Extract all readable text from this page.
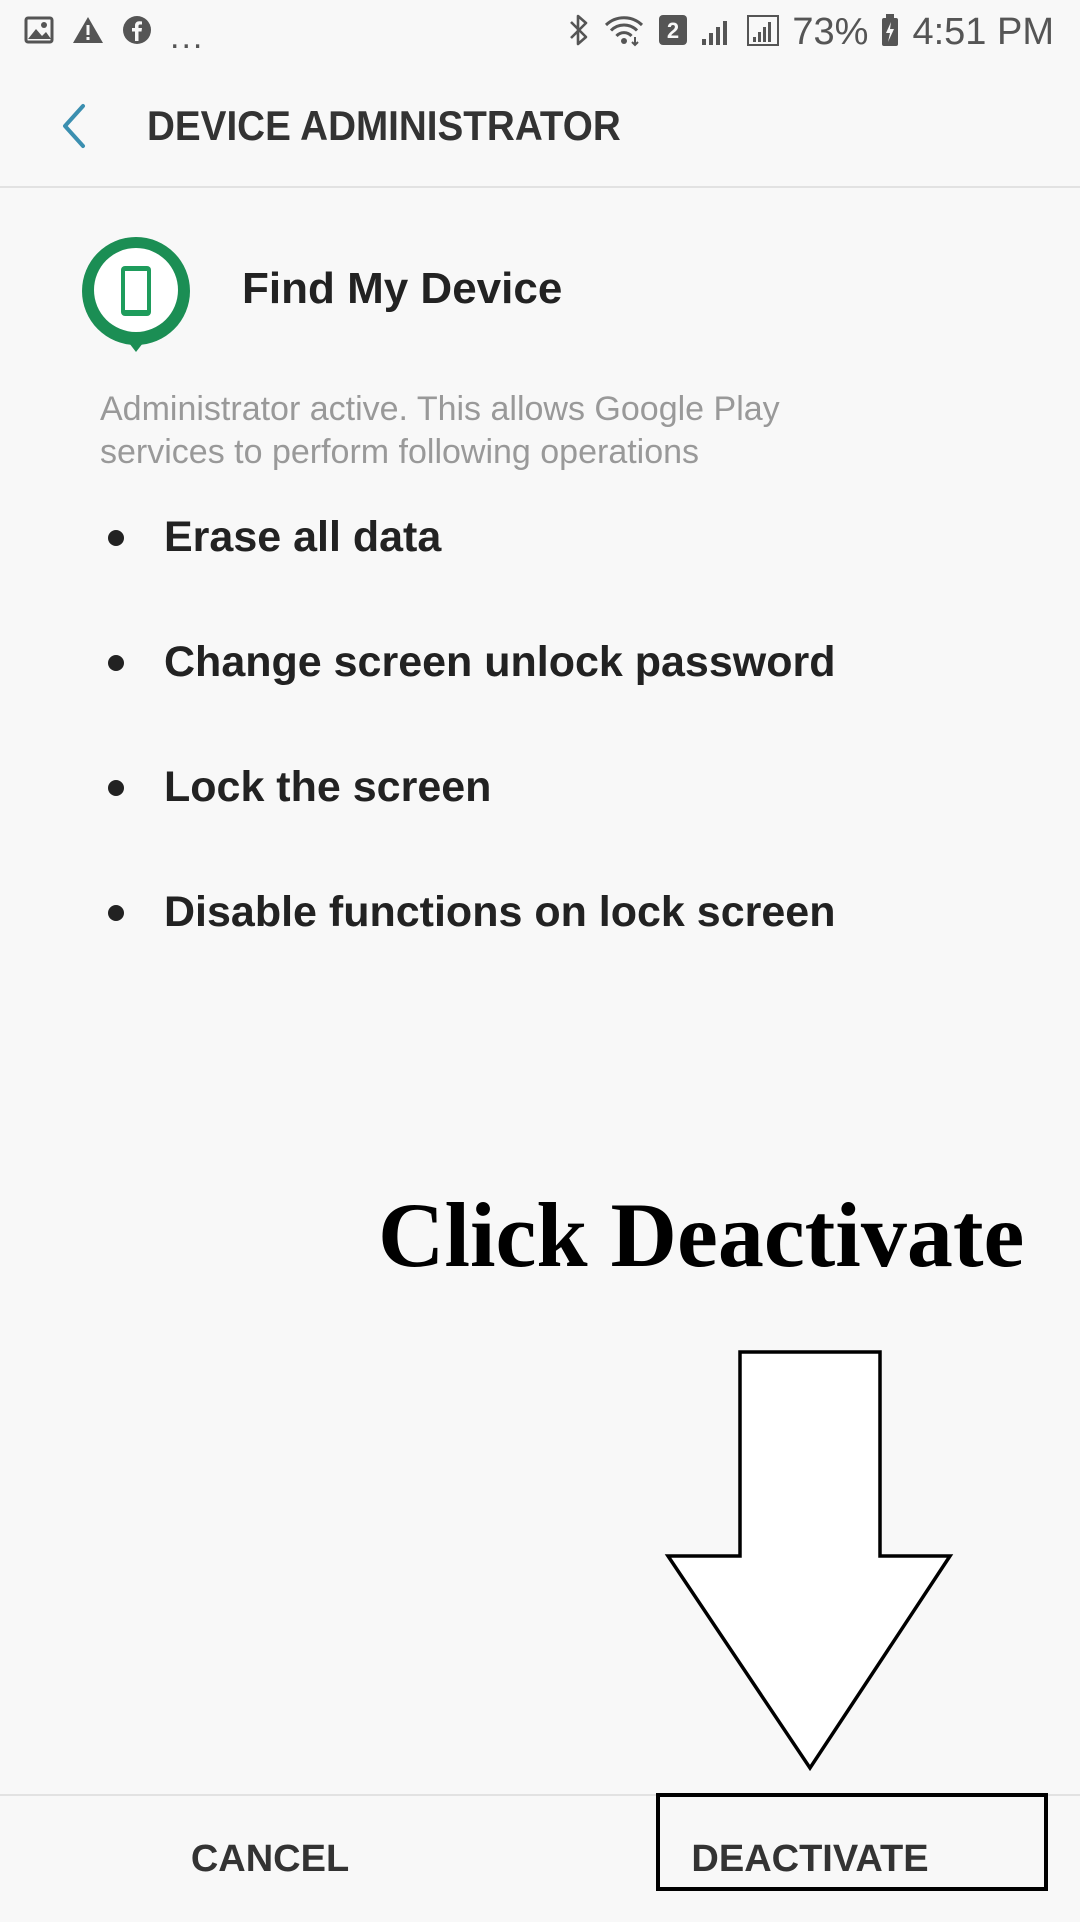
...	2	73% 4:51 PM
DEVICE ADMINISTRATOR
Find My Device
Administrator active. This allows Google Play services to perform following operations
Erase all data
Change screen unlock password
Lock the screen
Disable functions on lock screen
Click Deactivate
CANCEL	DEACTIVATE
